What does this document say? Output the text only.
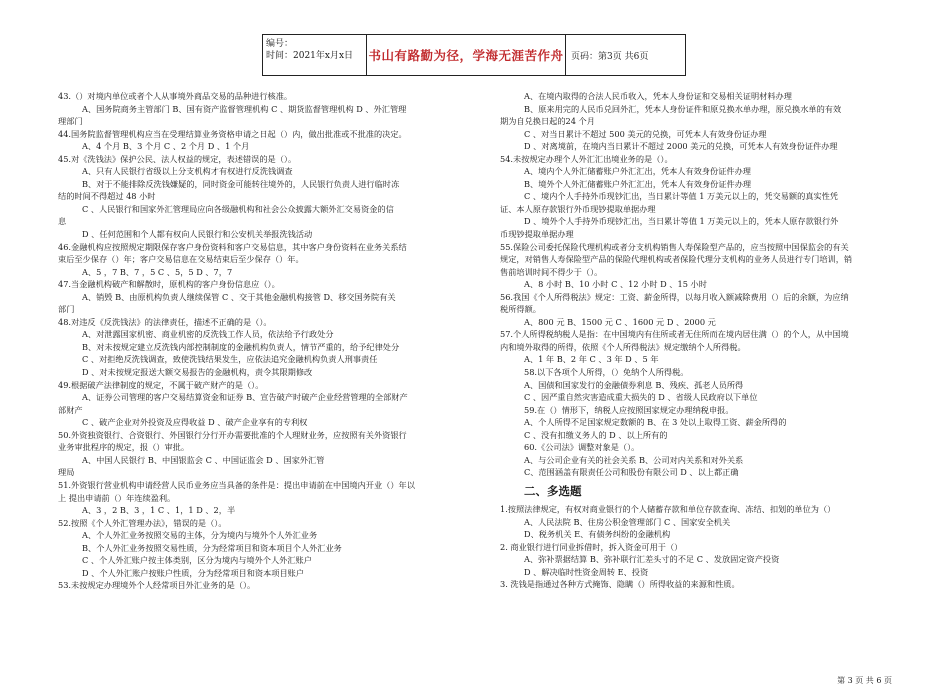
编号：
时间：2021年x月x日	书山有路勤为径，学海无涯苦作舟 页码：第3页 共6页
43.（）对境内单位或者个人从事境外商品交易的品种进行核准。
A、国务院商务主管部门 B、国有资产监督管理机构 C 、期货监督管理机构 D 、外汇管理
理部门
44.国务院监督管理机构应当在受理结算业务资格申请之日起（）内，做出批准或不批准的决定。
A、4 个月 B、3 个月 C 、2 个月 D 、1 个月
45.对《洗钱法》保护公民、法人权益的规定，表述错误的是（）。
A、只有人民银行省级以上分支机构才有权进行反洗钱调查
B、对于不能排除反洗钱嫌疑的，同时资金可能转往境外的，人民银行负责人进行临时冻
结的时间不得超过 48 小时
C 、人民银行和国家外汇管理局应向各级融机构和社会公众披露大额外汇交易资金的信
息
D 、任何范围和个人都有权向人民银行和公安机关举报洗钱活动
46.金融机构应按照规定期限保存客户身份资料和客户交易信息，其中客户身份资料在业务关系结
束后至少保存（）年；客户交易信息在交易结束后至少保存（）年。
A、5 ，7 B、7 ，5 C 、5，5 D 、7，7
47.当金融机构破产和解散时，原机构的客户身份信息应（）。
A、销毁 B、由原机构负责人继续保管 C 、交于其他金融机构接管 D、移交国务院有关
部门
48.对违反《反洗钱法》的法律责任，描述不正确的是（）。
A、对泄露国家机密、商业机密的反洗钱工作人员，依法给予行政处分
B、对未按规定建立反洗钱内部控制制度的金融机构负责人，情节严重的，给予纪律处分
C 、对拒绝反洗钱调查，致使洗钱结果发生，应依法追究金融机构负责人刑事责任
D 、对未按规定报送大额交易报告的金融机构，责令其限期修改
49.根据破产法律制度的规定，不属于破产财产的是（）。
A、证券公司管理的客户交易结算资金和证券 B、宣告破产时破产企业经营管理的全部财产
部财产
C 、破产企业对外投资及应得收益 D 、破产企业享有的专利权
50.外资独资银行、合资银行、外国银行分行开办需要批准的个人理财业务，应按照有关外资银行
业务审批程序的规定，报（）审批。
A、中国人民银行 B、中国银监会 C 、中国证监会 D 、国家外汇管
理局
51.外资银行营业机构申请经营人民币业务应当具备的条件是：提出申请前在中国境内开业（）年以
上 提出申请前（）年连续盈利。
A、3 ，2 B、3 ，1 C 、1，1 D 、2，半
52.按照《个人外汇管理办法》，错误的是（）。
A、个人外汇业务按照交易的主体，分为境内与境外个人外汇业务
B、个人外汇业务按照交易性质，分为经常项目和资本项目个人外汇业务
C 、个人外汇账户按主体类别，区分为境内与境外个人外汇账户
D 、个人外汇账户按账户性质，分为经常项目和资本项目账户
53.未按规定办理境外个人经常项目外汇业务的是（）。
A、在境内取得的合法人民币收入，凭本人身份证和交易相关证明材料办理
B、原来用完的人民币兑回外汇，凭本人身份证件和原兑换水单办理，原兑换水单的有效
期为自兑换日起的24 个月
C 、对当日累计不超过 500 美元的兑换，可凭本人有效身份证办理
D 、对离境前，在境内当日累计不超过 2000 美元的兑换，可凭本人有效身份证件办理
54.未按规定办理个人外汇汇出境业务的是（）。
A、境内个人外汇储蓄账户外汇汇出，凭本人有效身份证件办理
B、境外个人外汇储蓄账户外汇汇出，凭本人有效身份证件办理
C 、境内个人手持外币现钞汇出，当日累计等值 1 万美元以上的，凭交易额的真实性凭
证、本人原存款银行外币现钞提取单据办理
D 、境外个人手持外币现钞汇出，当日累计等值 1 万美元以上的，凭本人原存款银行外
币现钞提取单据办理
55.保险公司委托保险代理机构或者分支机构销售人寿保险型产品的，应当按照中国保监会的有关
规定，对销售人寿保险型产品的保险代理机构或者保险代理分支机构的业务人员进行专门培训，销
售前培训时间不得少于（）。
A、8 小时 B、10 小时 C 、12 小时 D 、15 小时
56.我国《个人所得税法》规定：工资、薪金所得，以每月收入额减除费用（）后的余额，为应纳
税所得额。
A、800 元 B、1500 元 C 、1600 元 D 、2000 元
57.个人所得税纳税人是指：在中国境内有住所或者无住所而在境内居住满（）的个人，从中国境
内和境外取得的所得，依照《个人所得税法》规定缴纳个人所得税。
A、1 年 B、2 年 C 、3 年 D 、5 年
58.以下各项个人所得，（）免纳个人所得税。
A、国债和国家发行的金融债券利息 B、残疾、孤老人员所得
C 、因严重自然灾害造成重大损失的 D 、省级人民政府以下单位
59.在（）情形下，纳税人应按照国家规定办理纳税申报。
A、个人所得不足国家规定数额的 B、在 3 处以上取得工资、薪金所得的
C 、没有扣缴义务人的 D 、以上所有的
60.《公司法》调整对象是（）。
A、与公司企业有关的社会关系 B、公司对内关系和对外关系
C、范围涵盖有限责任公司和股份有限公司 D 、以上都正确
二、多选题
1.按照法律规定，有权对商业银行的个人储蓄存款和单位存款查询、冻结、扣划的单位为（）
A、人民法院 B、住房公积金管理部门 C 、国家安全机关
D、税务机关 E、有债务纠纷的金融机构
2. 商业银行进行同业拆借时，拆入资金可用于（）
A、弥补票据结算 B、弥补联行汇差头寸的不足 C 、发放固定资产投资
D 、解决临时性资金周转 E、投资
3. 洗钱是指通过各种方式掩饰、隐瞒（）所得收益的来源和性质。
第 3 页 共 6 页
